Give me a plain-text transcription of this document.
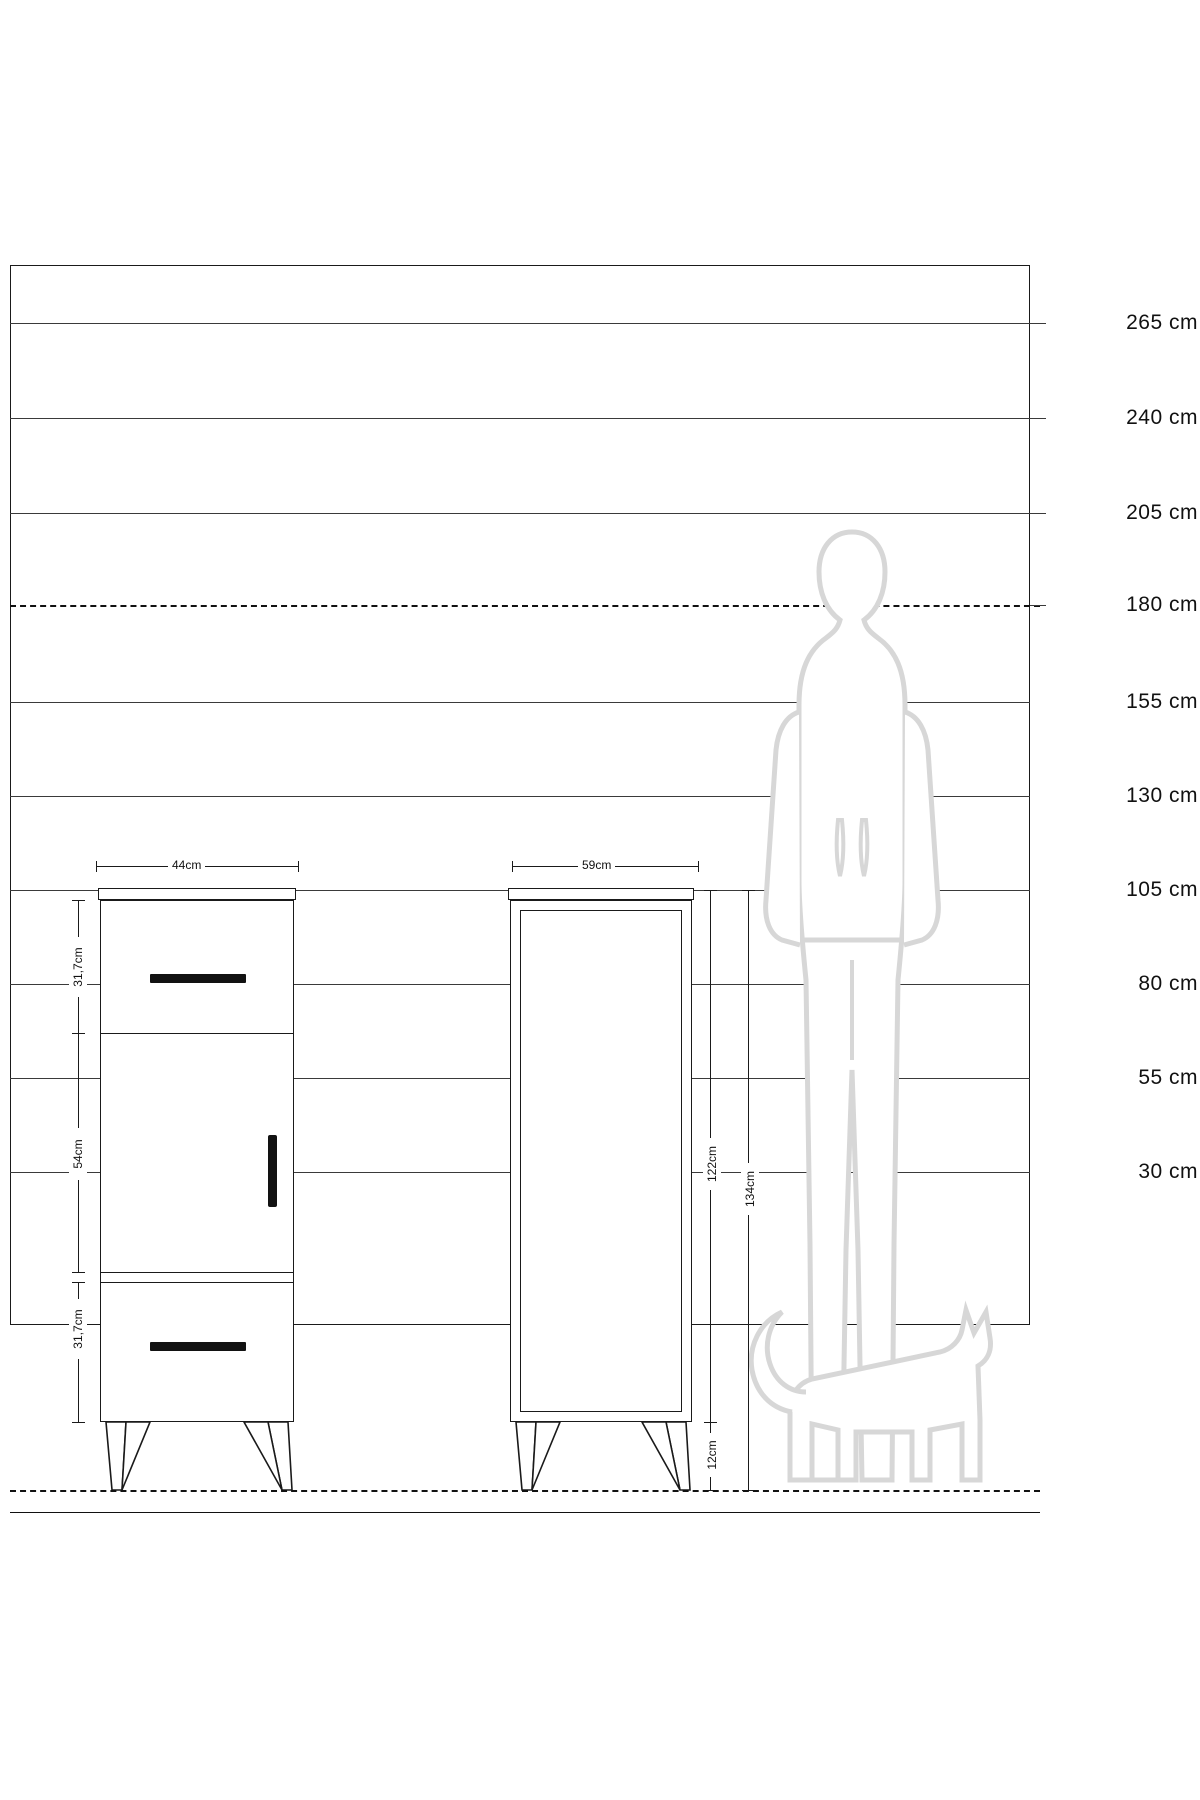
265 cm
240 cm
205 cm
180 cm
155 cm
130 cm
105 cm
80 cm
55 cm
30 cm
44cm
31,7cm
54cm
31,7cm
59cm
122cm
12cm
134cm
